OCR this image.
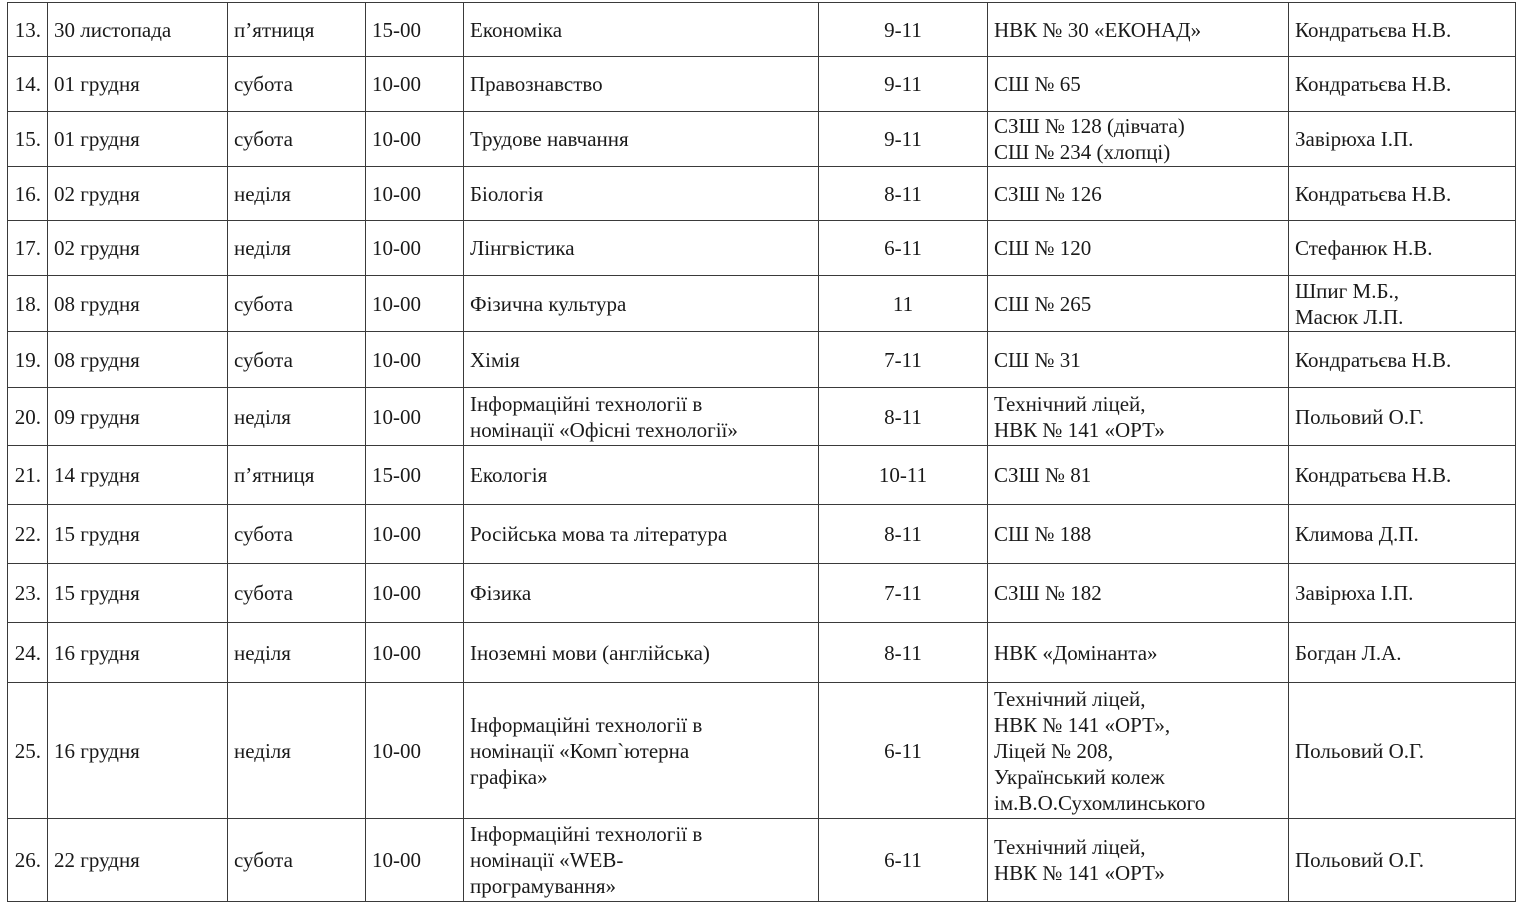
13.	30 листопада	п’ятниця	15-00	Економіка	9-11	НВК № 30 «ЕКОНАД»	Кондратьєва Н.В.
14.	01 грудня	субота	10-00	Правознавство	9-11	СШ № 65	Кондратьєва Н.В.
15.	01 грудня	субота	10-00	Трудове навчання	9-11	СЗШ № 128 (дівчата)
СШ № 234 (хлопці)	Завірюха І.П.
16.	02 грудня	неділя	10-00	Біологія	8-11	СЗШ № 126	Кондратьєва Н.В.
17.	02 грудня	неділя	10-00	Лінгвістика	6-11	СШ № 120	Стефанюк Н.В.
18.	08 грудня	субота	10-00	Фізична культура	11	СШ № 265	Шпиг М.Б.,
Масюк Л.П.
19.	08 грудня	субота	10-00	Хімія	7-11	СШ № 31	Кондратьєва Н.В.
20.	09 грудня	неділя	10-00	Інформаційні технології в
номінації «Офісні технології»	8-11	Технічний ліцей,
НВК № 141 «ОРТ»	Польовий О.Г.
21.	14 грудня	п’ятниця	15-00	Екологія	10-11	СЗШ № 81	Кондратьєва Н.В.
22.	15 грудня	субота	10-00	Російська мова та література	8-11	СШ № 188	Климова Д.П.
23.	15 грудня	субота	10-00	Фізика	7-11	СЗШ № 182	Завірюха І.П.
24.	16 грудня	неділя	10-00	Іноземні мови (англійська)	8-11	НВК «Домінанта»	Богдан Л.А.
25.	16 грудня	неділя	10-00	Інформаційні технології в
номінації «Комп`ютерна
графіка»	6-11	Технічний ліцей,
НВК № 141 «ОРТ»,
Ліцей № 208,
Український колеж
ім.В.О.Сухомлинського	Польовий О.Г.
26.	22 грудня	субота	10-00	Інформаційні технології в
номінації «WEB-
програмування»	6-11	Технічний ліцей,
НВК № 141 «ОРТ»	Польовий О.Г.
